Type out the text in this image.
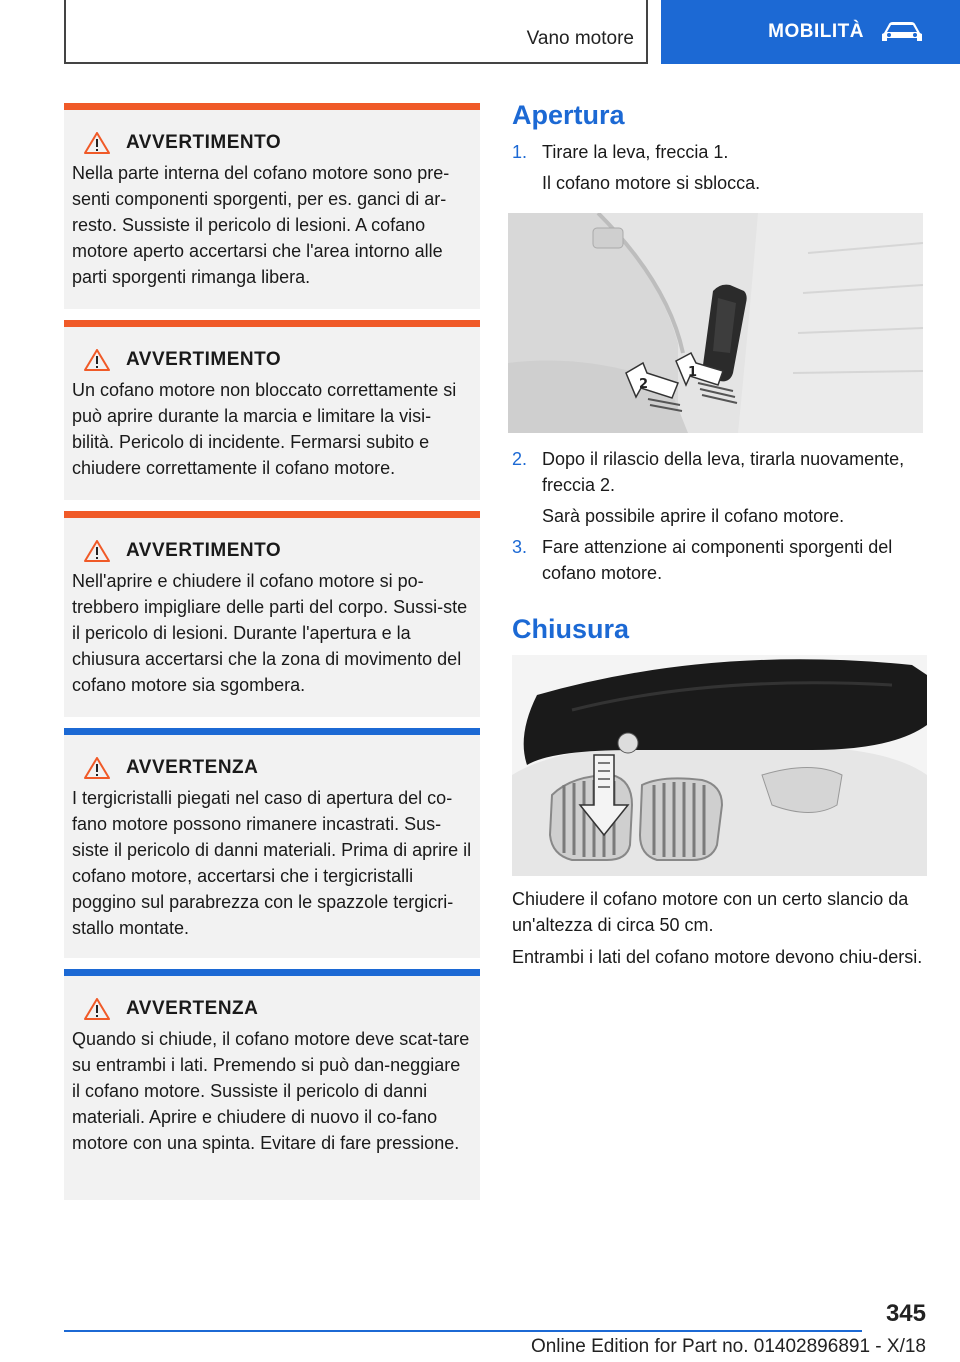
Vano motore	MOBILITÀ
AVVERTIMENTO
Nella parte interna del cofano motore sono pre-senti componenti sporgenti, per es. ganci di ar-resto. Sussiste il pericolo di lesioni. A cofano motore aperto accertarsi che l'area intorno alle parti sporgenti rimanga libera.
AVVERTIMENTO
Un cofano motore non bloccato correttamente si può aprire durante la marcia e limitare la visi-bilità. Pericolo di incidente. Fermarsi subito e chiudere correttamente il cofano motore.
AVVERTIMENTO
Nell'aprire e chiudere il cofano motore si po-trebbero impigliare delle parti del corpo. Sussi-ste il pericolo di lesioni. Durante l'apertura e la chiusura accertarsi che la zona di movimento del cofano motore sia sgombera.
AVVERTENZA
I tergicristalli piegati nel caso di apertura del co-fano motore possono rimanere incastrati. Sus-siste il pericolo di danni materiali. Prima di aprire il cofano motore, accertarsi che i tergicristalli poggino sul parabrezza con le spazzole tergicri-stallo montate.
AVVERTENZA
Quando si chiude, il cofano motore deve scat-tare su entrambi i lati. Premendo si può dan-neggiare il cofano motore. Sussiste il pericolo di danni materiali. Aprire e chiudere di nuovo il co-fano motore con una spinta. Evitare di fare pressione.
Apertura
1. Tirare la leva, freccia 1.
Il cofano motore si sblocca.
1
2
2. Dopo il rilascio della leva, tirarla nuovamente, freccia 2.
Sarà possibile aprire il cofano motore.
3. Fare attenzione ai componenti sporgenti del cofano motore.
Chiusura
Chiudere il cofano motore con un certo slancio da un'altezza di circa 50 cm.
Entrambi i lati del cofano motore devono chiu-dersi.
345
Online Edition for Part no. 01402896891 - X/18
